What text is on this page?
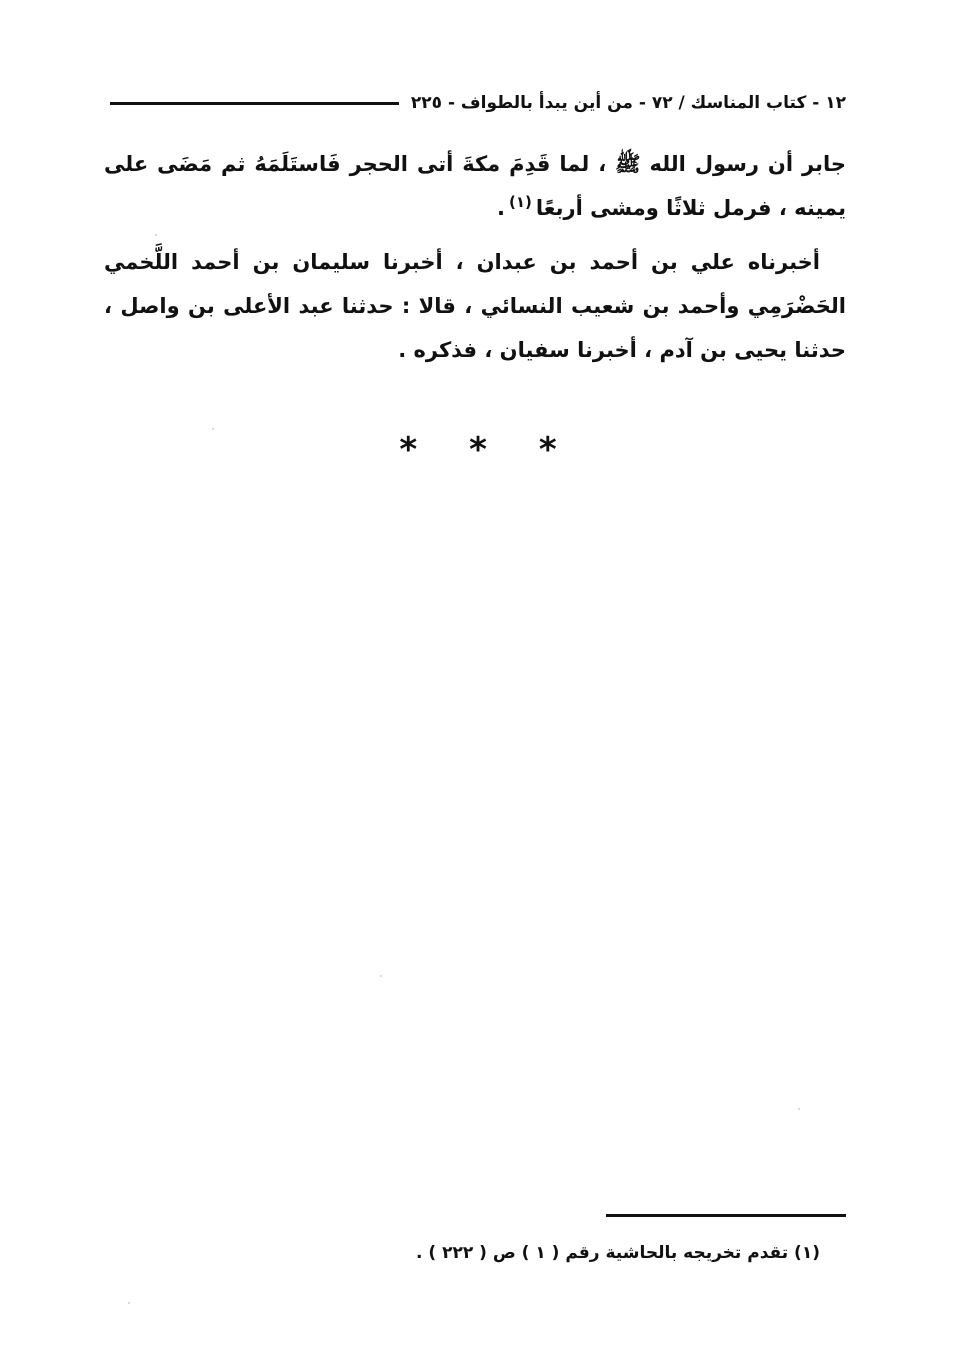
١٢ - كتاب المناسك / ٧٢ - من أين يبدأ بالطواف - ٢٢٥

جابر أن رسول الله ﷺ ، لما قَدِمَ مكةَ أتى الحجر فَاستَلَمَهُ ثم مَضَى على يمينه ، فرمل ثلاثًا ومشى أربعًا$^{(١)}$.

أخبرناه علي بن أحمد بن عبدان ، أخبرنا سليمان بن أحمد اللَّخمي الحَضْرَمِي وأحمد بن شعيب النسائي ، قالا : حدثنا عبد الأعلى بن واصل ، حدثنا يحيى بن آدم ، أخبرنا سفيان ، فذكره .

*
*
*
(١) تقدم تخريجه بالحاشية رقم ( ١ ) ص ( ٢٢٢ ) .
